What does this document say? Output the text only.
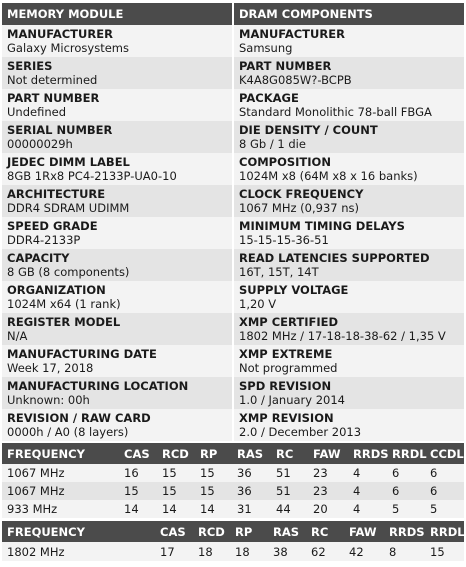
MEMORY MODULE
MANUFACTURER
Galaxy Microsystems
SERIES
Not determined
PART NUMBER
Undefined
SERIAL NUMBER
00000029h
JEDEC DIMM LABEL
8GB 1Rx8 PC4-2133P-UA0-10
ARCHITECTURE
DDR4 SDRAM UDIMM
SPEED GRADE
DDR4-2133P
CAPACITY
8 GB (8 components)
ORGANIZATION
1024M x64 (1 rank)
REGISTER MODEL
N/A
MANUFACTURING DATE
Week 17, 2018
MANUFACTURING LOCATION
Unknown: 00h
REVISION / RAW CARD
0000h / A0 (8 layers)
DRAM COMPONENTS
MANUFACTURER
Samsung
PART NUMBER
K4A8G085W?-BCPB
PACKAGE
Standard Monolithic 78-ball FBGA
DIE DENSITY / COUNT
8 Gb / 1 die
COMPOSITION
1024M x8 (64M x8 x 16 banks)
CLOCK FREQUENCY
1067 MHz (0,937 ns)
MINIMUM TIMING DELAYS
15-15-15-36-51
READ LATENCIES SUPPORTED
16T, 15T, 14T
SUPPLY VOLTAGE
1,20 V
XMP CERTIFIED
1802 MHz / 17-18-18-38-62 / 1,35 V
XMP EXTREME
Not programmed
SPD REVISION
1.0 / January 2014
XMP REVISION
2.0 / December 2013
FREQUENCY	CAS	RCD	RP	RAS	RC	FAW	RRDS	RRDL	CCDL
1067 MHz	16	15	15	36	51	23	4	6	6
1067 MHz	15	15	15	36	51	23	4	6	6
933 MHz	14	14	14	31	44	20	4	5	5
FREQUENCY	CAS	RCD	RP	RAS	RC	FAW	RRDS	RRDL
1802 MHz	17	18	18	38	62	42	8	15
